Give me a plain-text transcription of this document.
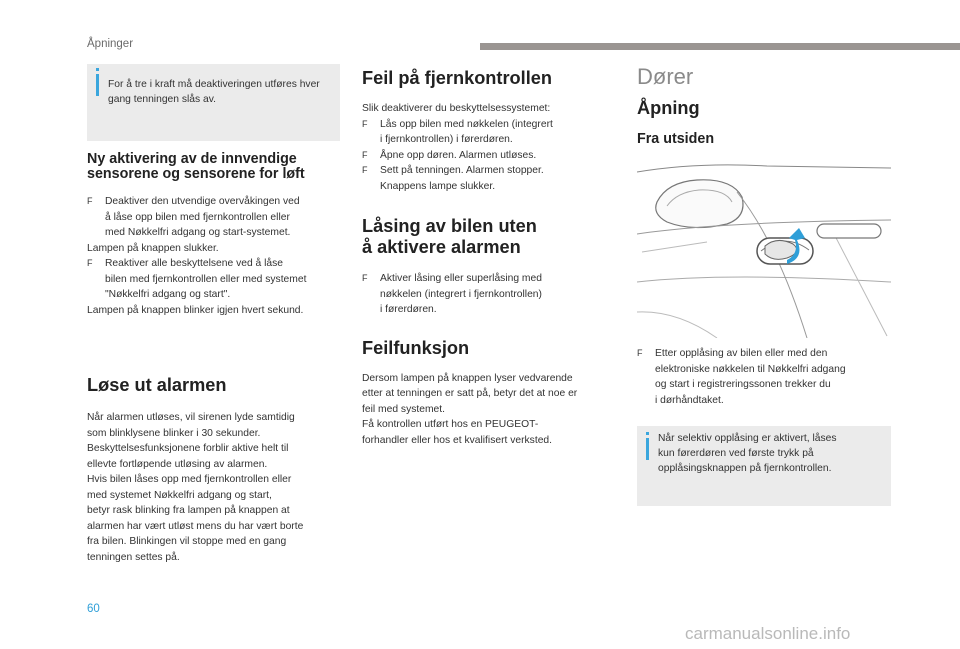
Åpninger

For å tre i kraft må deaktiveringen utføres hver gang tenningen slås av.

Ny aktivering av de innvendige
sensorene og sensorene for løft
F Deaktiver den utvendige overvåkingen ved
å låse opp bilen med fjernkontrollen eller
med Nøkkelfri adgang og start-systemet.

Lampen på knappen slukker.

F Reaktiver alle beskyttelsene ved å låse
bilen med fjernkontrollen eller med systemet
"Nøkkelfri adgang og start".

Lampen på knappen blinker igjen hvert sekund.

Løse ut alarmen

Når alarmen utløses, vil sirenen lyde samtidig

som blinklysene blinker i 30 sekunder.

Beskyttelsesfunksjonene forblir aktive helt til

ellevte fortløpende utløsing av alarmen.

Hvis bilen låses opp med fjernkontrollen eller

med systemet Nøkkelfri adgang og start,

betyr rask blinking fra lampen på knappen at

alarmen har vært utløst mens du har vært borte

fra bilen. Blinkingen vil stoppe med en gang

tenningen settes på.

Feil på fjernkontrollen

Slik deaktiverer du beskyttelsessystemet:

F Lås opp bilen med nøkkelen (integrert
i fjernkontrollen) i førerdøren.
F Åpne opp døren. Alarmen utløses.
F Sett på tenningen. Alarmen stopper.
Knappens lampe slukker.
Låsing av bilen uten
å aktivere alarmen
F Aktiver låsing eller superlåsing med
nøkkelen (integrert i fjernkontrollen)
i førerdøren.
Feilfunksjon

Dersom lampen på knappen lyser vedvarende

etter at tenningen er satt på, betyr det at noe er

feil med systemet.

Få kontrollen utført hos en PEUGEOT-

forhandler eller hos et kvalifisert verksted.

Dører
Åpning
Fra utsiden
F Etter opplåsing av bilen eller med den
elektroniske nøkkelen til Nøkkelfri adgang
og start i registreringssonen trekker du
i dørhåndtaket.

Når selektiv opplåsing er aktivert, låses
kun førerdøren ved første trykk på
opplåsingsknappen på fjernkontrollen.

60
carmanualsonline.info
